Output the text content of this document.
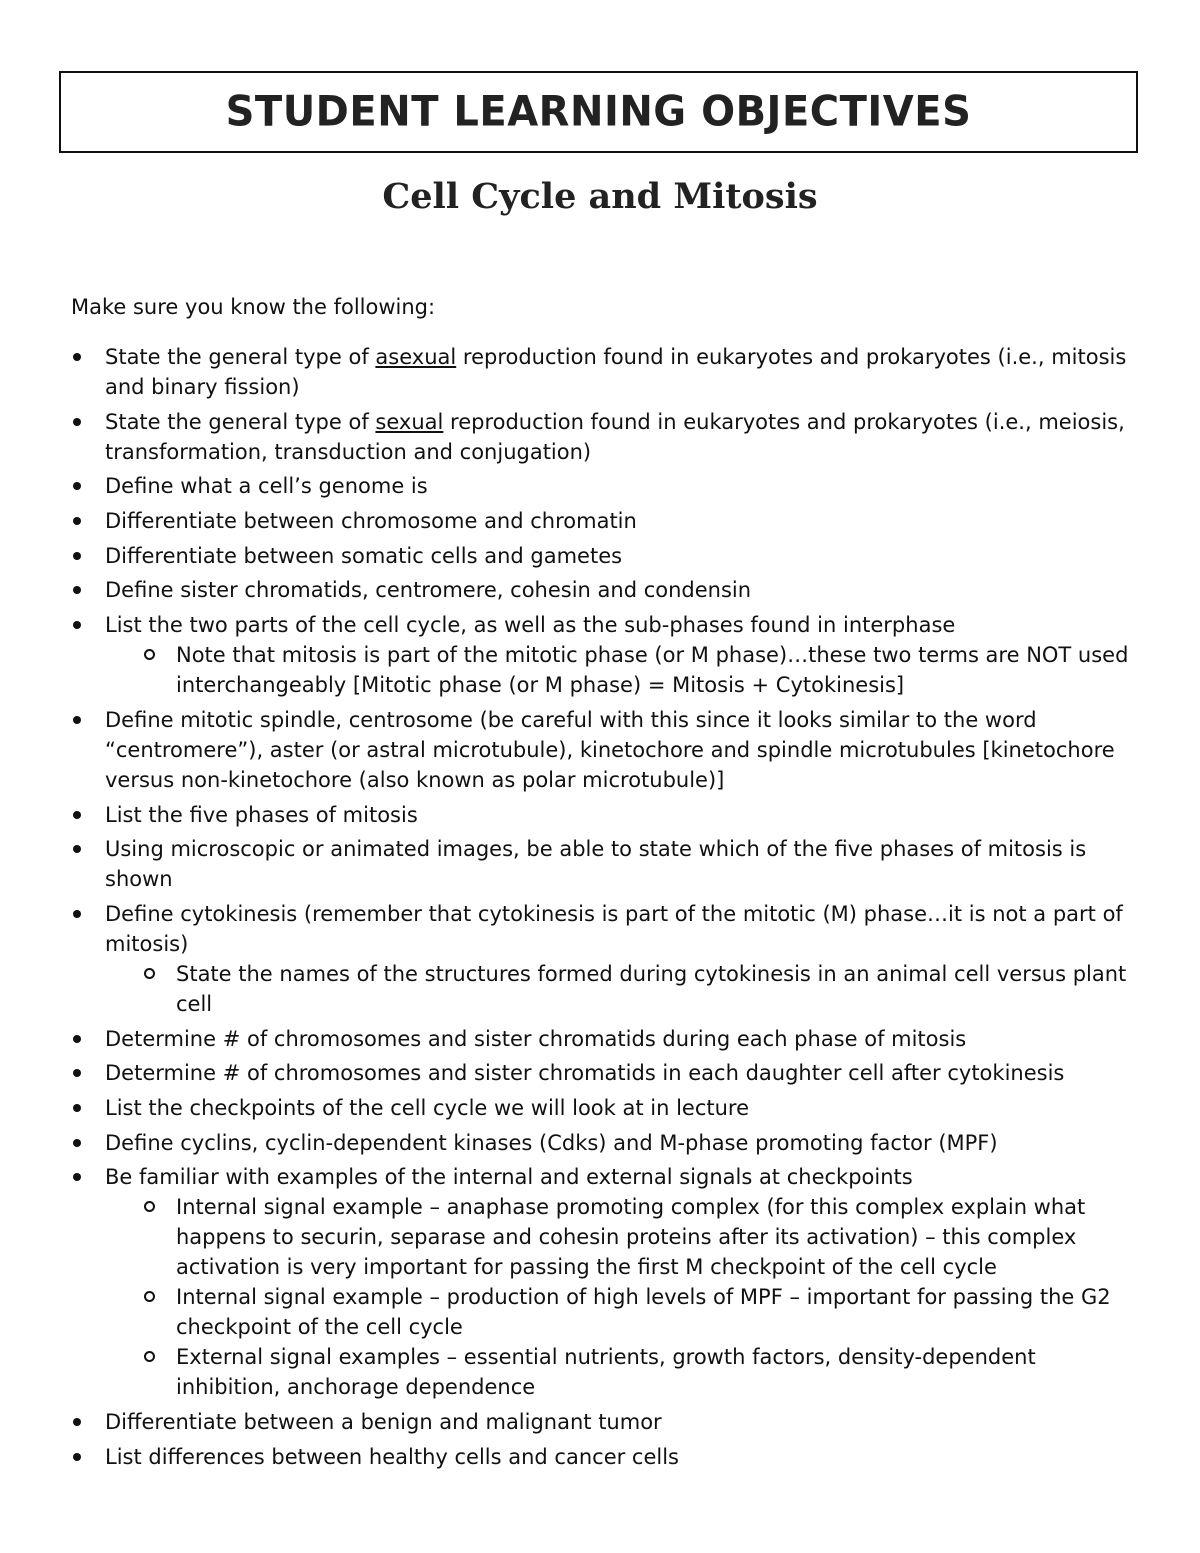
STUDENT LEARNING OBJECTIVES
Cell Cycle and Mitosis
Make sure you know the following:
State the general type of asexual reproduction found in eukaryotes and prokaryotes (i.e., mitosis and binary fission)
State the general type of sexual reproduction found in eukaryotes and prokaryotes (i.e., meiosis, transformation, transduction and conjugation)
Define what a cell’s genome is
Differentiate between chromosome and chromatin
Differentiate between somatic cells and gametes
Define sister chromatids, centromere, cohesin and condensin
List the two parts of the cell cycle, as well as the sub-phases found in interphase
Note that mitosis is part of the mitotic phase (or M phase)…these two terms are NOT used interchangeably [Mitotic phase (or M phase) = Mitosis + Cytokinesis]
Define mitotic spindle, centrosome (be careful with this since it looks similar to the word “centromere”), aster (or astral microtubule), kinetochore and spindle microtubules [kinetochore versus non-kinetochore (also known as polar microtubule)]
List the five phases of mitosis
Using microscopic or animated images, be able to state which of the five phases of mitosis is shown
Define cytokinesis (remember that cytokinesis is part of the mitotic (M) phase…it is not a part of mitosis)
State the names of the structures formed during cytokinesis in an animal cell versus plant cell
Determine # of chromosomes and sister chromatids during each phase of mitosis
Determine # of chromosomes and sister chromatids in each daughter cell after cytokinesis
List the checkpoints of the cell cycle we will look at in lecture
Define cyclins, cyclin-dependent kinases (Cdks) and M-phase promoting factor (MPF)
Be familiar with examples of the internal and external signals at checkpoints
Internal signal example – anaphase promoting complex (for this complex explain what happens to securin, separase and cohesin proteins after its activation) – this complex activation is very important for passing the first M checkpoint of the cell cycle
Internal signal example – production of high levels of MPF – important for passing the G2 checkpoint of the cell cycle
External signal examples – essential nutrients, growth factors, density-dependent inhibition, anchorage dependence
Differentiate between a benign and malignant tumor
List differences between healthy cells and cancer cells
